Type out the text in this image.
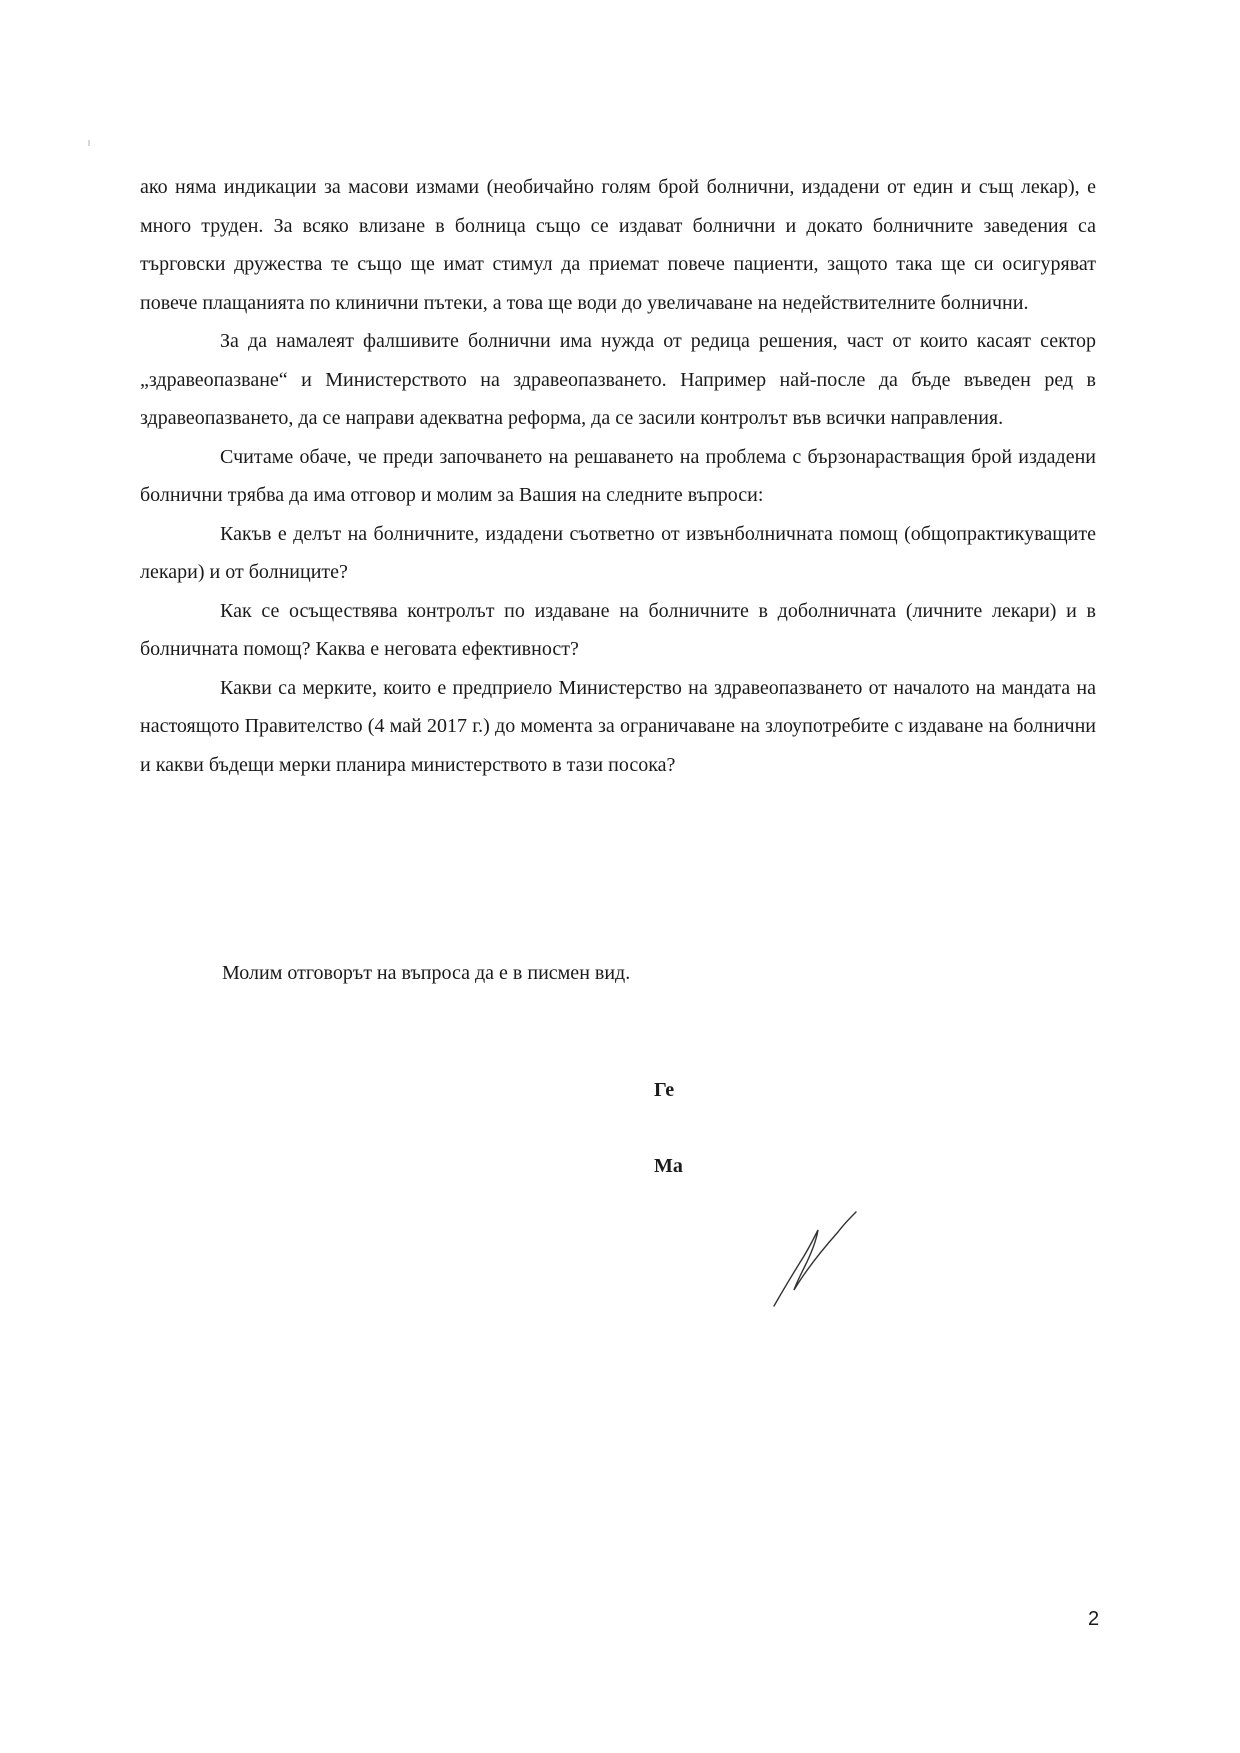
ако няма индикации за масови измами (необичайно голям брой болнични, издадени от един и същ лекар), е много труден. За всяко влизане в болница също се издават болнични и докато болничните заведения са търговски дружества те също ще имат стимул да приемат повече пациенти, защото така ще си осигуряват повече плащанията по клинични пътеки, а това ще води до увеличаване на недействителните болнични.

За да намалеят фалшивите болнични има нужда от редица решения, част от които касаят сектор „здравеопазване“ и Министерството на здравеопазването. Например най-после да бъде въведен ред в здравеопазването, да се направи адекватна реформа, да се засили контролът във всички направления.

Считаме обаче, че преди започването на решаването на проблема с бързонарастващия брой издадени болнични трябва да има отговор и молим за Вашия на следните въпроси:

Какъв е делът на болничните, издадени съответно от извънболничната помощ (общопрактикуващите лекари) и от болниците?

Как се осъществява контролът по издаване на болничните в доболничната (личните лекари) и в болничната помощ? Каква е неговата ефективност?

Какви са мерките, които е предприело Министерство на здравеопазването от началото на мандата на настоящото Правителство (4 май 2017 г.) до момента за ограничаване на злоупотребите с издаване на болнични и какви бъдещи мерки планира министерството в тази посока?

Молим отговорът на въпроса да е в писмен вид.
Ге
Ма
2
